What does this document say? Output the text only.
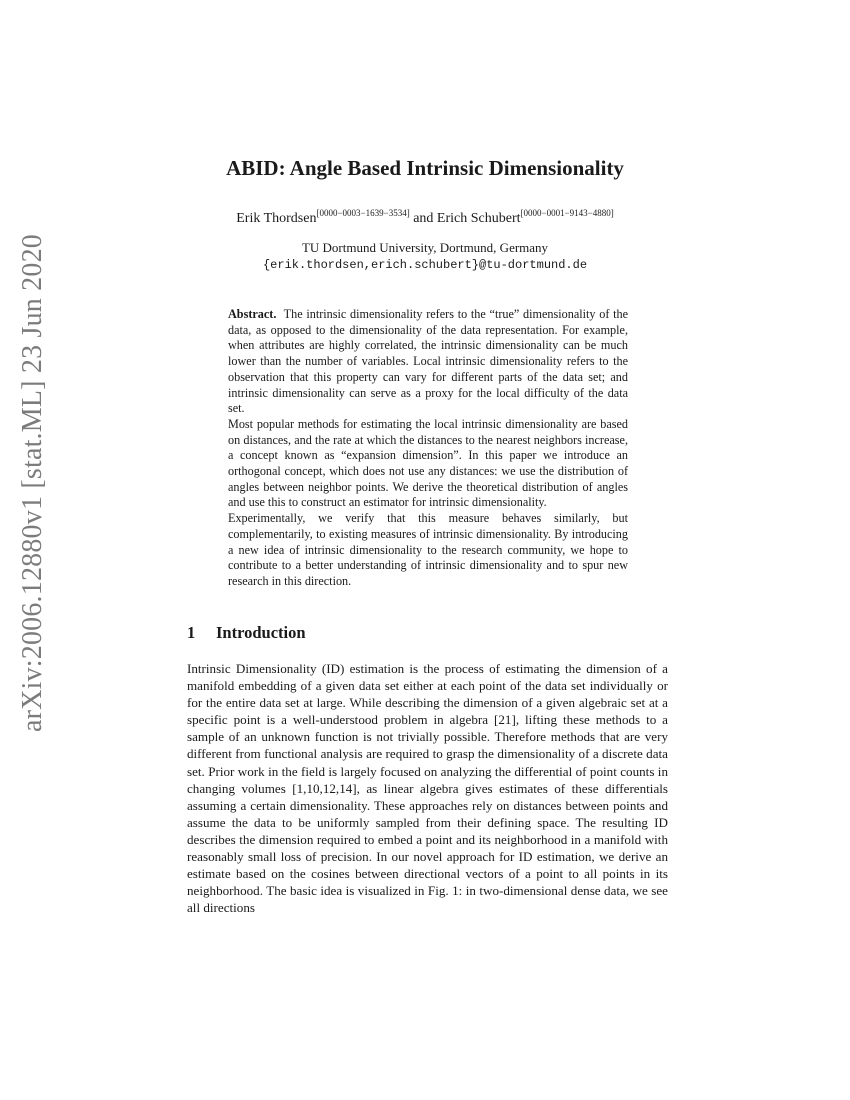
arXiv:2006.12880v1 [stat.ML] 23 Jun 2020
ABID: Angle Based Intrinsic Dimensionality
Erik Thordsen[0000−0003−1639−3534] and Erich Schubert[0000−0001−9143−4880]
TU Dortmund University, Dortmund, Germany
{erik.thordsen,erich.schubert}@tu-dortmund.de

Abstract. The intrinsic dimensionality refers to the “true” dimensionality of the data, as opposed to the dimensionality of the data representation. For example, when attributes are highly correlated, the intrinsic dimensionality can be much lower than the number of variables. Local intrinsic dimensionality refers to the observation that this property can vary for different parts of the data set; and intrinsic dimensionality can serve as a proxy for the local difficulty of the data set.

Most popular methods for estimating the local intrinsic dimensionality are based on distances, and the rate at which the distances to the nearest neighbors increase, a concept known as “expansion dimension”. In this paper we introduce an orthogonal concept, which does not use any distances: we use the distribution of angles between neighbor points. We derive the theoretical distribution of angles and use this to construct an estimator for intrinsic dimensionality.

Experimentally, we verify that this measure behaves similarly, but complementarily, to existing measures of intrinsic dimensionality. By introducing a new idea of intrinsic dimensionality to the research community, we hope to contribute to a better understanding of intrinsic dimensionality and to spur new research in this direction.

1 Introduction

Intrinsic Dimensionality (ID) estimation is the process of estimating the dimension of a manifold embedding of a given data set either at each point of the data set individually or for the entire data set at large. While describing the dimension of a given algebraic set at a specific point is a well-understood problem in algebra [21], lifting these methods to a sample of an unknown function is not trivially possible. Therefore methods that are very different from functional analysis are required to grasp the dimensionality of a discrete data set. Prior work in the field is largely focused on analyzing the differential of point counts in changing volumes [1,10,12,14], as linear algebra gives estimates of these differentials assuming a certain dimensionality. These approaches rely on distances between points and assume the data to be uniformly sampled from their defining space. The resulting ID describes the dimension required to embed a point and its neighborhood in a manifold with reasonably small loss of precision. In our novel approach for ID estimation, we derive an estimate based on the cosines between directional vectors of a point to all points in its neighborhood. The basic idea is visualized in Fig. 1: in two-dimensional dense data, we see all directions
